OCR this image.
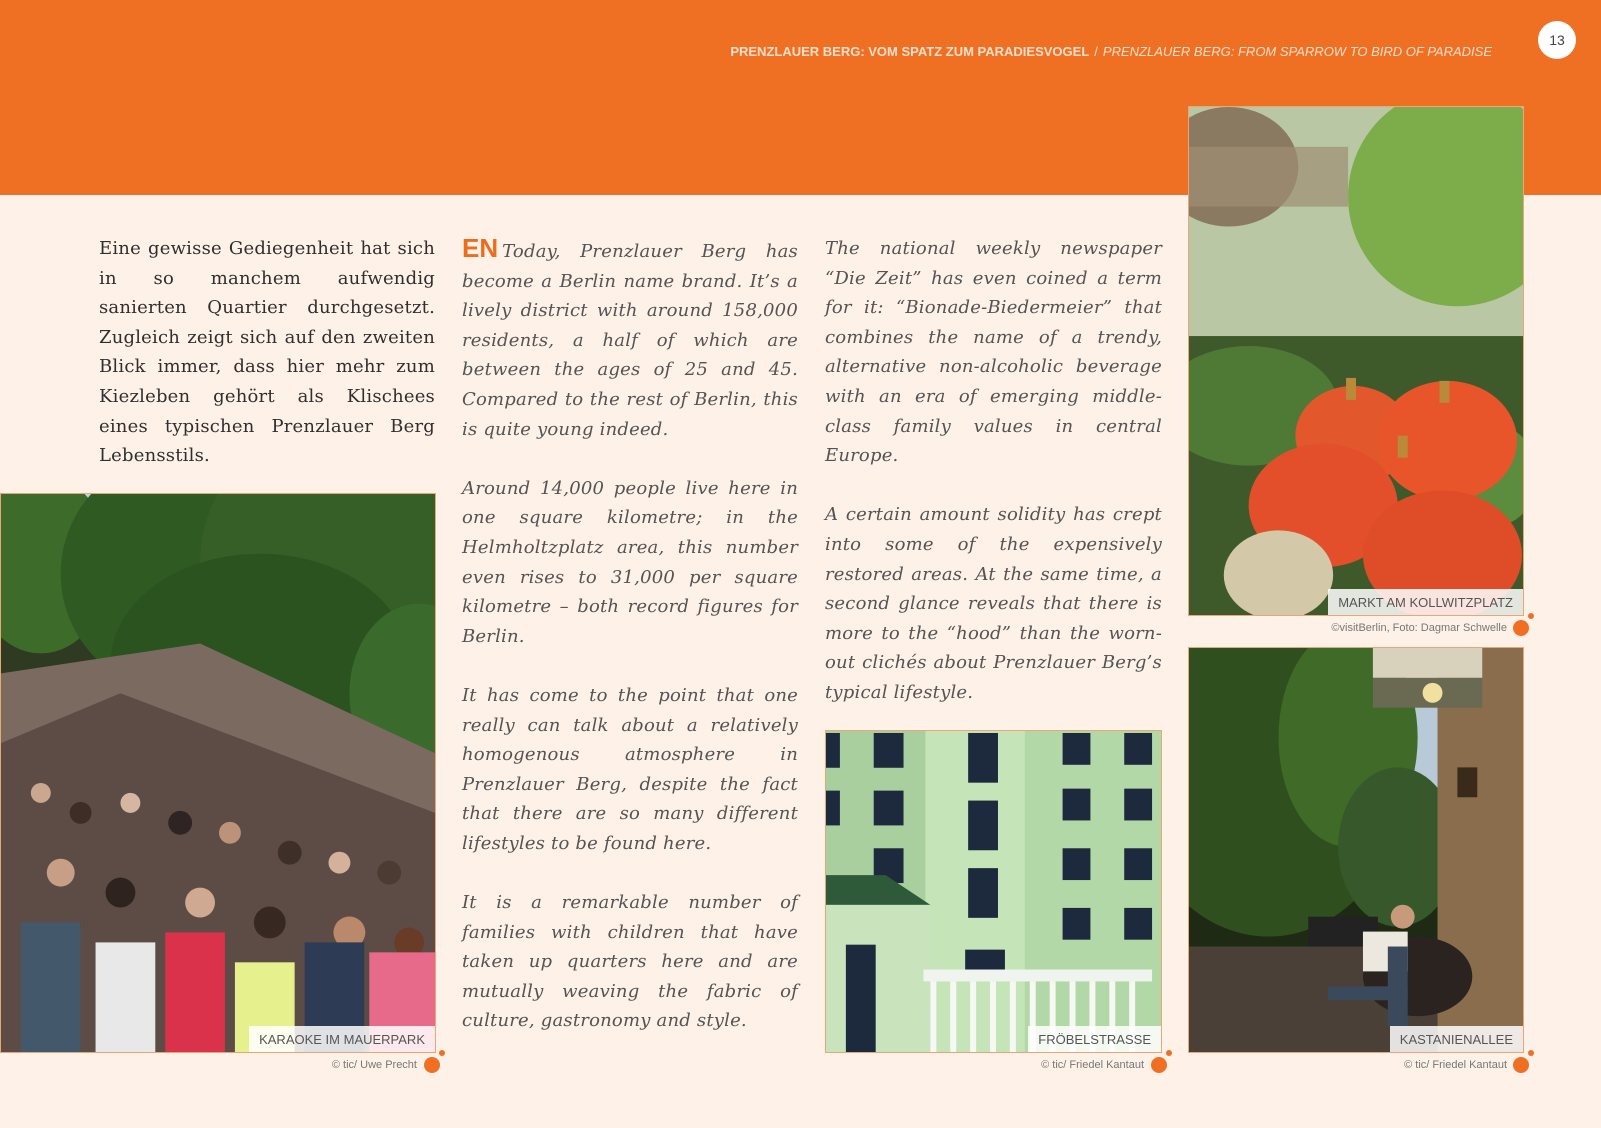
PRENZLAUER BERG: VOM SPATZ ZUM PARADIESVOGEL / PRENZLAUER BERG: FROM SPARROW TO BIRD OF PARADISE
13

Eine gewisse Gediegenheit hat sich in so manchem aufwendig sanierten Quartier durchgesetzt. Zugleich zeigt sich auf den zweiten Blick immer, dass hier mehr zum Kiezleben gehört als Klischees eines typischen Prenzlauer Berg Lebensstils.

EN Today, Prenzlauer Berg has become a Berlin name brand. It’s a lively district with around 158,000 residents, a half of which are between the ages of 25 and 45. Compared to the rest of Berlin, this is quite young indeed.

Around 14,000 people live here in one square kilometre; in the Helmholtzplatz area, this number even rises to 31,000 per square kilometre – both record figures for Berlin.

It has come to the point that one really can talk about a relatively homogenous atmosphere in Prenzlauer Berg, despite the fact that there are so many different lifestyles to be found here.

It is a remarkable number of families with children that have taken up quarters here and are mutually weaving the fabric of culture, gastronomy and style.

The national weekly newspaper “Die Zeit” has even coined a term for it: “Bionade-Biedermeier” that combines the name of a trendy, alternative non-alcoholic beverage with an era of emerging middle-class family values in central Europe.

A certain amount solidity has crept into some of the expensively restored areas. At the same time, a second glance reveals that there is more to the “hood” than the worn-out clichés about Prenzlauer Berg’s typical lifestyle.

KARAOKE IM MAUERPARK
© tic/ Uwe Precht
MARKT AM KOLLWITZPLATZ
©visitBerlin, Foto: Dagmar Schwelle
FRÖBELSTRASSE
© tic/ Friedel Kantaut
KASTANIENALLEE
© tic/ Friedel Kantaut
